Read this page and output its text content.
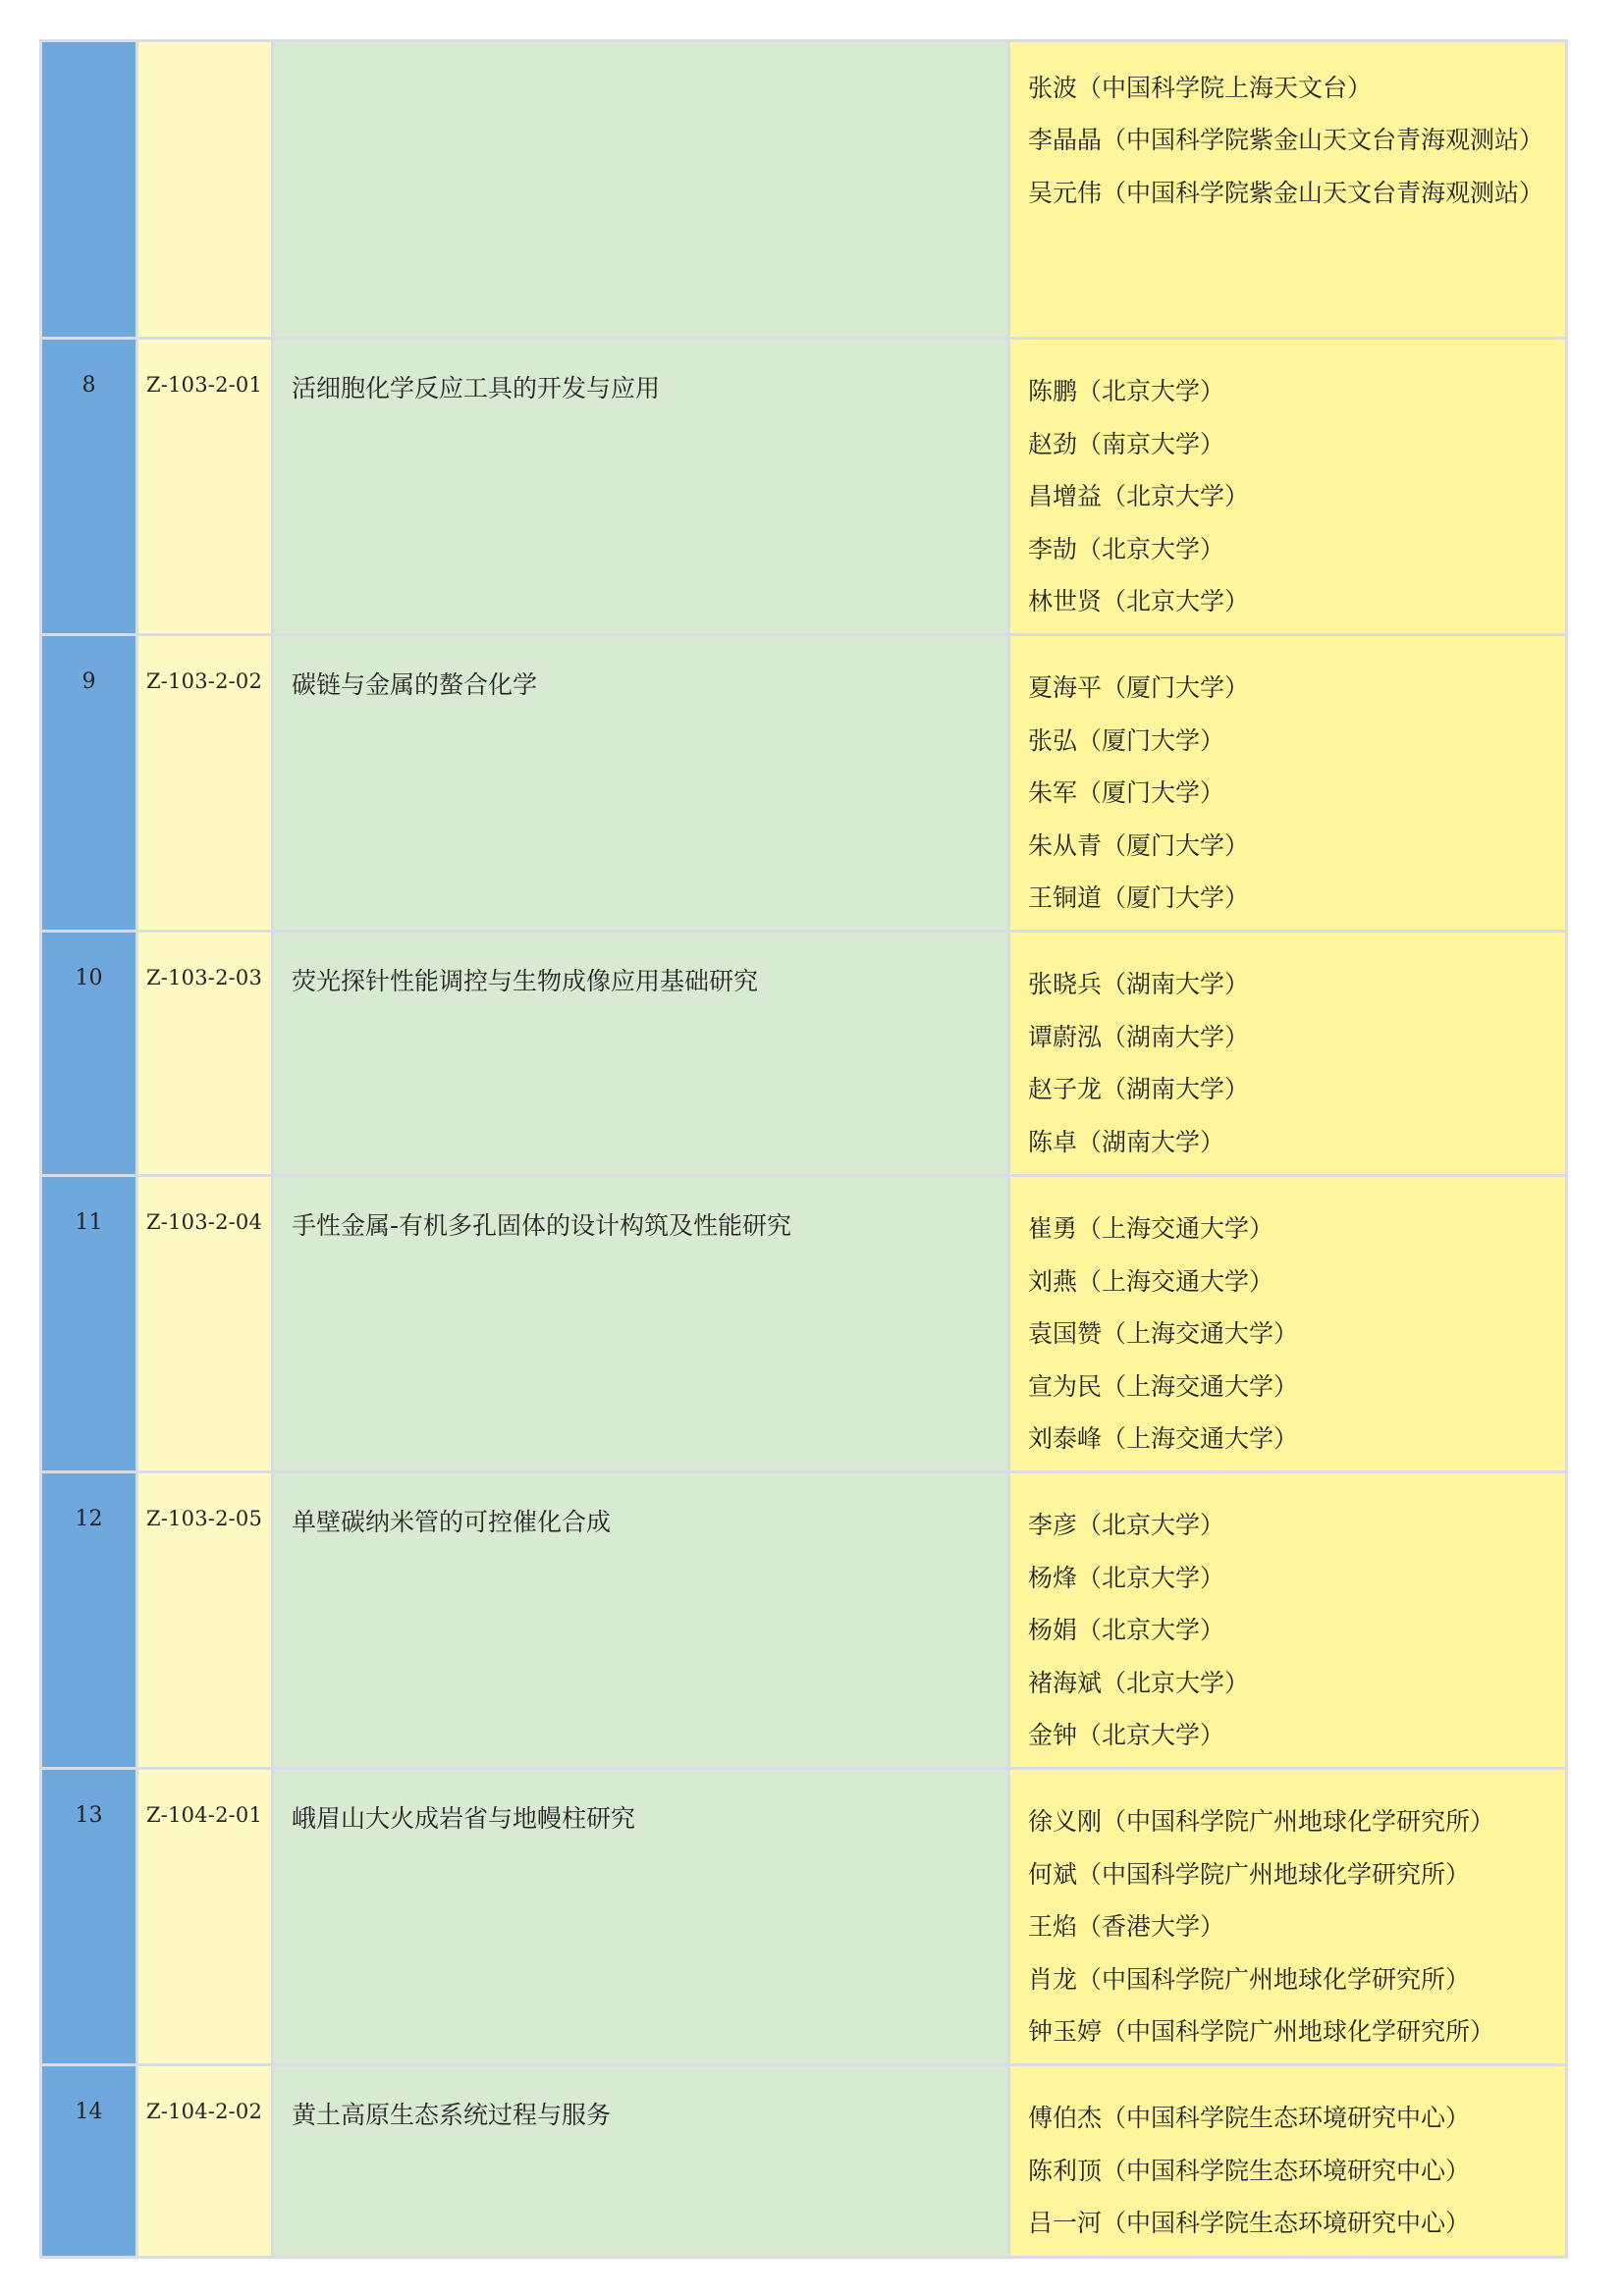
			张波（中国科学院上海天文台）
李晶晶（中国科学院紫金山天文台青海观测站）
吴元伟（中国科学院紫金山天文台青海观测站）

8	Z-103-2-01	活细胞化学反应工具的开发与应用	陈鹏（北京大学）
赵劲（南京大学）
昌增益（北京大学）
李劼（北京大学）
林世贤（北京大学）

9	Z-103-2-02	碳链与金属的螯合化学	夏海平（厦门大学）
张弘（厦门大学）
朱军（厦门大学）
朱从青（厦门大学）
王铜道（厦门大学）

10	Z-103-2-03	荧光探针性能调控与生物成像应用基础研究	张晓兵（湖南大学）
谭蔚泓（湖南大学）
赵子龙（湖南大学）
陈卓（湖南大学）

11	Z-103-2-04	手性金属-有机多孔固体的设计构筑及性能研究	崔勇（上海交通大学）
刘燕（上海交通大学）
袁国赞（上海交通大学）
宣为民（上海交通大学）
刘泰峰（上海交通大学）

12	Z-103-2-05	单壁碳纳米管的可控催化合成	李彦（北京大学）
杨烽（北京大学）
杨娟（北京大学）
褚海斌（北京大学）
金钟（北京大学）

13	Z-104-2-01	峨眉山大火成岩省与地幔柱研究	徐义刚（中国科学院广州地球化学研究所）
何斌（中国科学院广州地球化学研究所）
王焰（香港大学）
肖龙（中国科学院广州地球化学研究所）
钟玉婷（中国科学院广州地球化学研究所）

14	Z-104-2-02	黄土高原生态系统过程与服务	傅伯杰（中国科学院生态环境研究中心）
陈利顶（中国科学院生态环境研究中心）
吕一河（中国科学院生态环境研究中心）
